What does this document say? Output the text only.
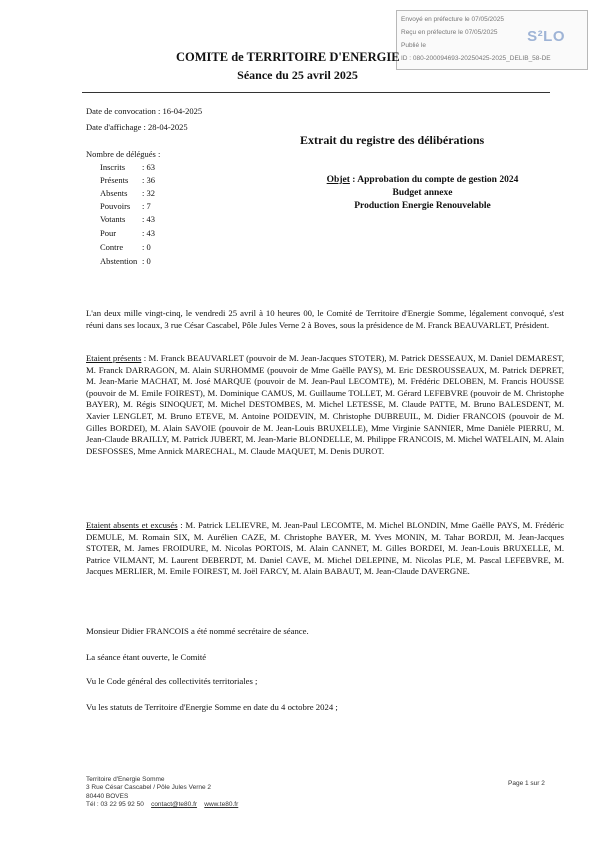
Envoyé en préfecture le 07/05/2025
Reçu en préfecture le 07/05/2025
Publié le
ID : 080-200094693-20250425-2025_DELIB_58-DE
S²LO
COMITE de TERRITOIRE D'ENERGIE
Séance du 25 avril 2025
Date de convocation : 16-04-2025
Date d'affichage : 28-04-2025
Nombre de délégués :
Inscrits : 63
Présents : 36
Absents : 32
Pouvoirs : 7
Votants : 43
Pour	: 43
Contre : 0
Abstention : 0
Extrait du registre des délibérations
Objet : Approbation du compte de gestion 2024
Budget annexe
Production Energie Renouvelable
L'an deux mille vingt-cinq, le vendredi 25 avril à 10 heures 00, le Comité de Territoire d'Energie Somme, légalement convoqué, s'est réuni dans ses locaux, 3 rue César Cascabel, Pôle Jules Verne 2 à Boves, sous la présidence de M. Franck BEAUVARLET, Président.
Etaient présents : M. Franck BEAUVARLET (pouvoir de M. Jean-Jacques STOTER), M. Patrick DESSEAUX, M. Daniel DEMAREST, M. Franck DARRAGON, M. Alain SURHOMME (pouvoir de Mme Gaëlle PAYS), M. Eric DESROUSSEAUX, M. Patrick DEPRET, M. Jean-Marie MACHAT, M. José MARQUE (pouvoir de M. Jean-Paul LECOMTE), M. Frédéric DELOBEN, M. Francis HOUSSE (pouvoir de M. Emile FOIREST), M. Dominique CAMUS, M. Guillaume TOLLET, M. Gérard LEFEBVRE (pouvoir de M. Christophe BAYER), M. Régis SINOQUET, M. Michel DESTOMBES, M. Michel LETESSE, M. Claude PATTE, M. Bruno BALESDENT, M. Xavier LENGLET, M. Bruno ETEVE, M. Antoine POIDEVIN, M. Christophe DUBREUIL, M. Didier FRANCOIS (pouvoir de M. Gilles BORDEI), M. Alain SAVOIE (pouvoir de M. Jean-Louis BRUXELLE), Mme Virginie SANNIER, Mme Danièle PIERRU, M. Jean-Claude BRAILLY, M. Patrick JUBERT, M. Jean-Marie BLONDELLE, M. Philippe FRANCOIS, M. Michel WATELAIN, M. Alain DESFOSSES, Mme Annick MARECHAL, M. Claude MAQUET, M. Denis DUROT.
Etaient absents et excusés : M. Patrick LELIEVRE, M. Jean-Paul LECOMTE, M. Michel BLONDIN, Mme Gaëlle PAYS, M. Frédéric DEMULE, M. Romain SIX, M. Aurélien CAZE, M. Christophe BAYER, M. Yves MONIN, M. Tahar BORDJI, M. Jean-Jacques STOTER, M. James FROIDURE, M. Nicolas PORTOIS, M. Alain CANNET, M. Gilles BORDEI, M. Jean-Louis BRUXELLE, M. Patrice VILMANT, M. Laurent DEBERDT, M. Daniel CAVE, M. Michel DELEPINE, M. Nicolas PLE, M. Pascal LEFEBVRE, M. Jacques MERLIER, M. Emile FOIREST, M. Joël FARCY, M. Alain BABAUT, M. Jean-Claude DAVERGNE.
Monsieur Didier FRANCOIS a été nommé secrétaire de séance.
La séance étant ouverte, le Comité
Vu le Code général des collectivités territoriales ;
Vu les statuts de Territoire d'Energie Somme en date du 4 octobre 2024 ;
Territoire d'Energie Somme
3 Rue César Cascabel / Pôle Jules Verne 2
80440 BOVES
Tél : 03 22 95 92 50 contact@te80.fr www.te80.fr
Page 1 sur 2
